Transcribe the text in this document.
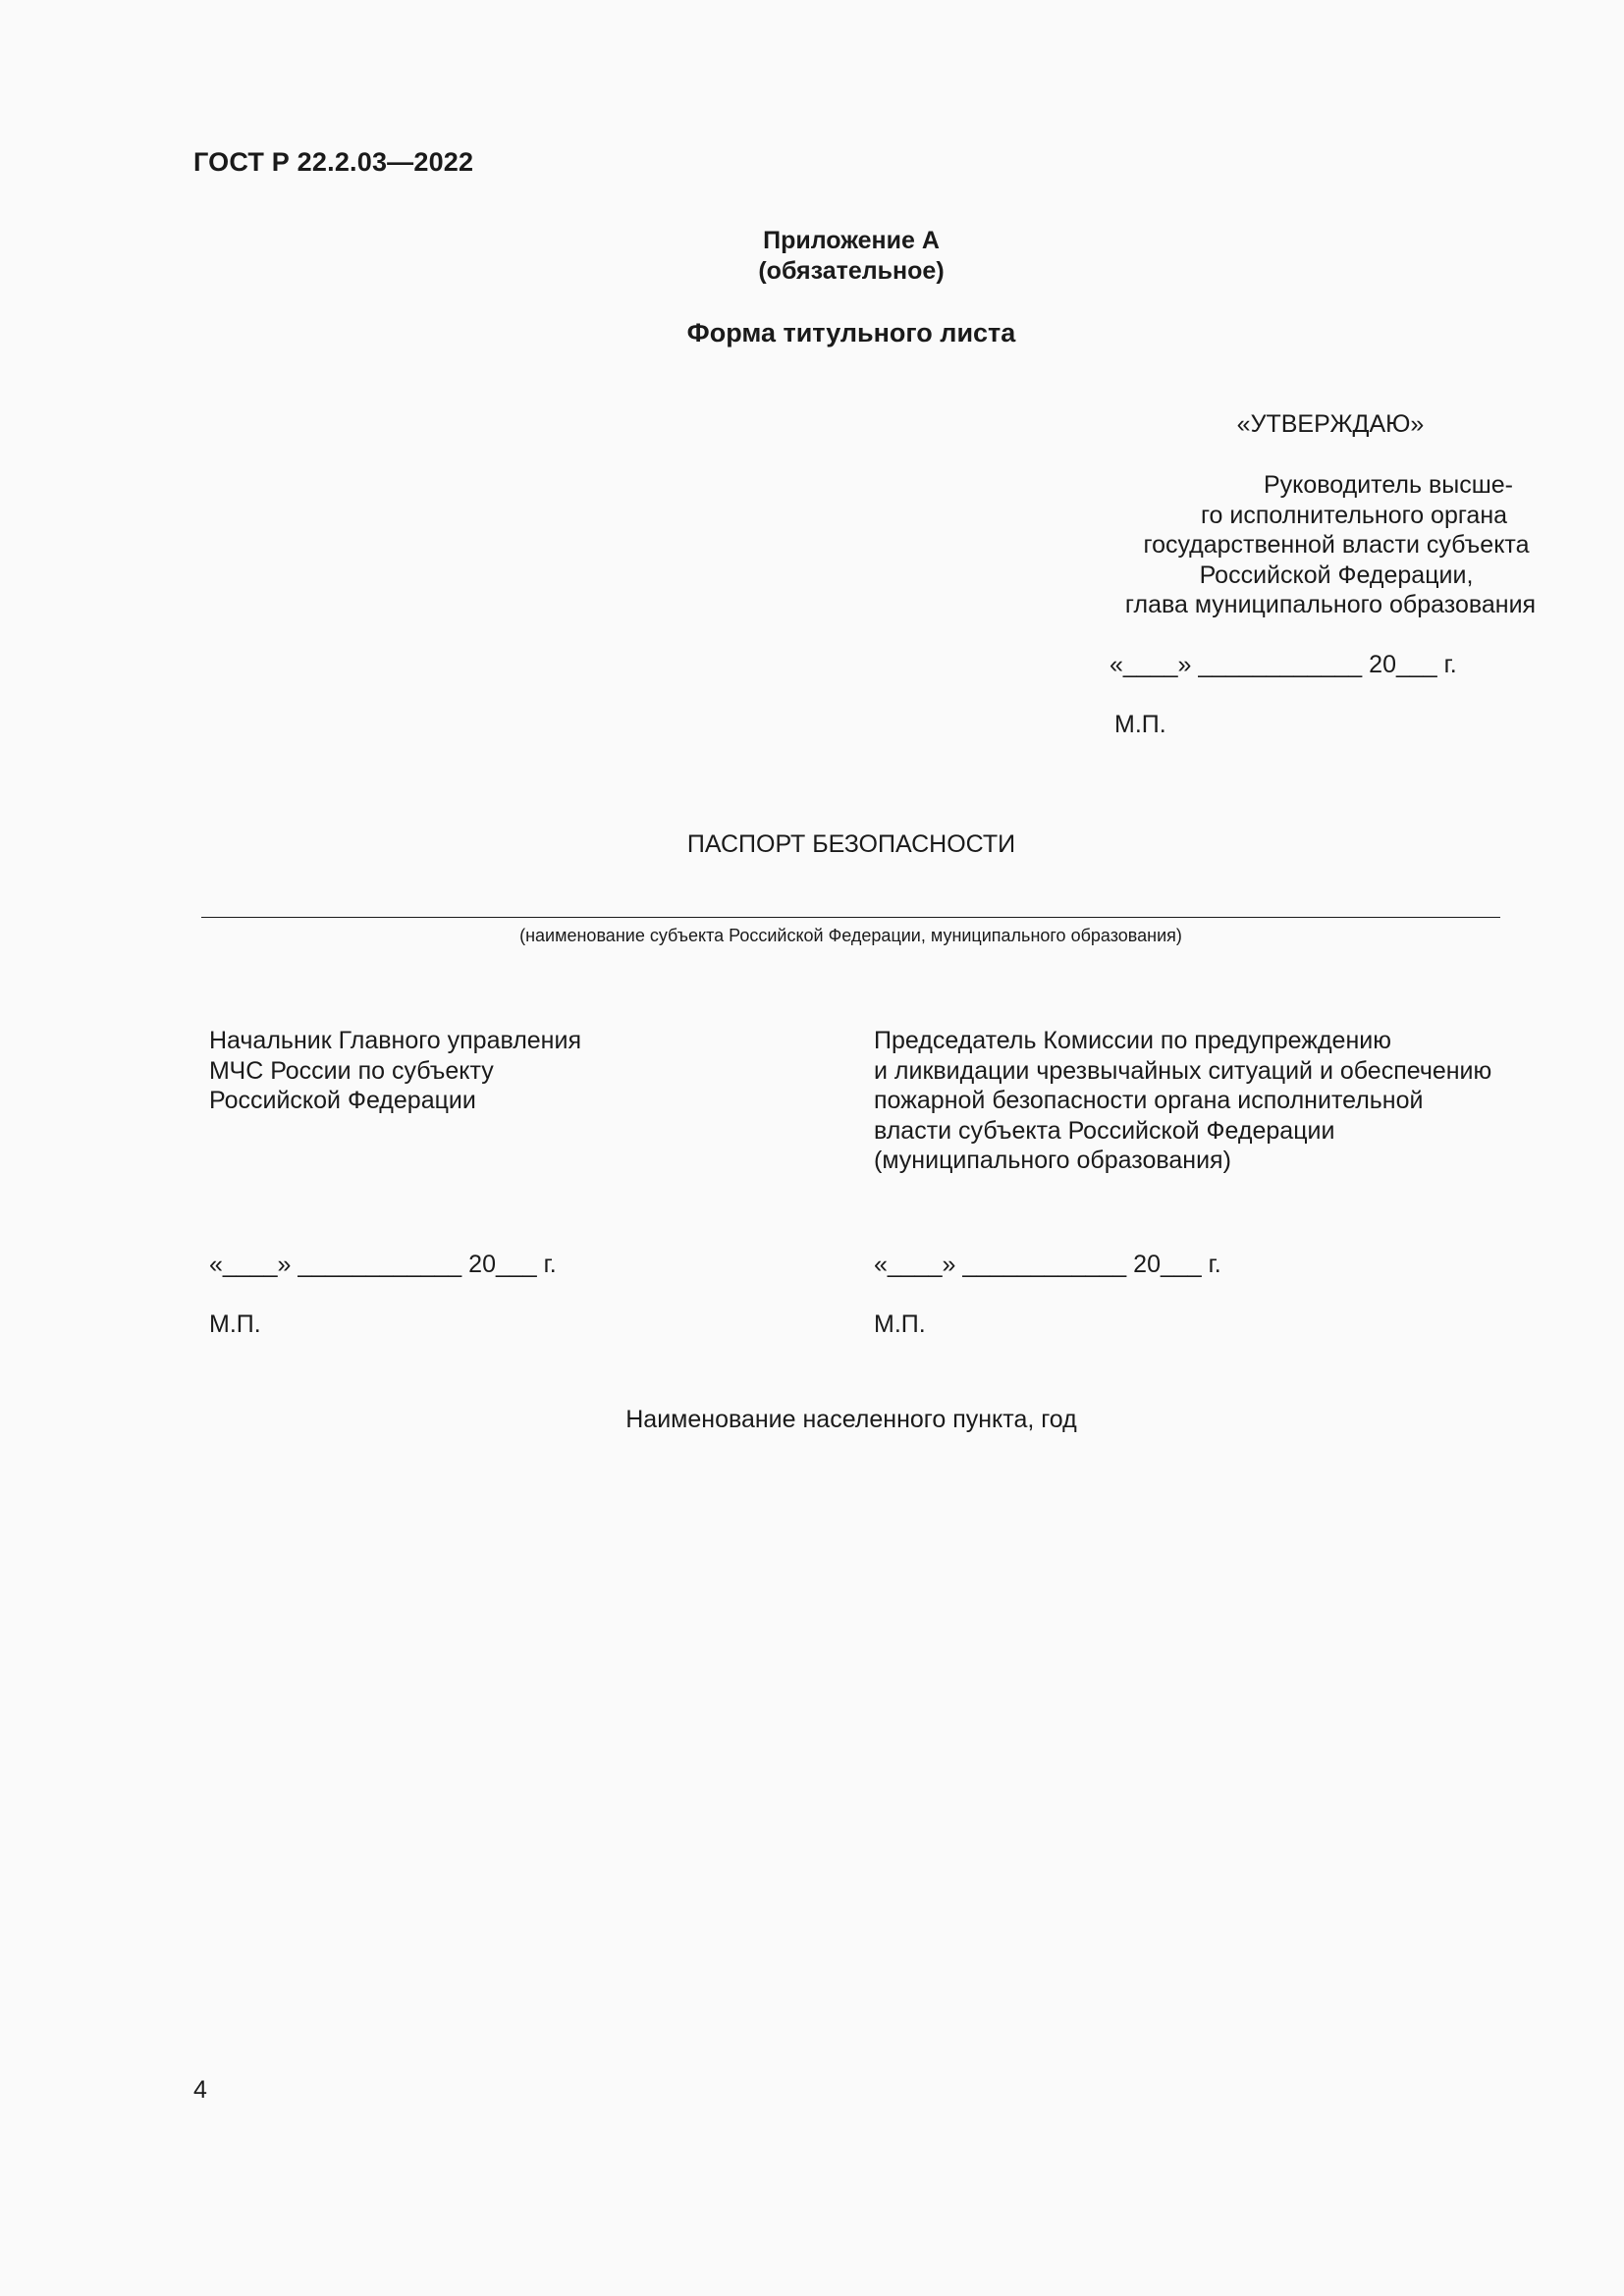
ГОСТ Р 22.2.03—2022
Приложение А
(обязательное)
Форма титульного листа
«УТВЕРЖДАЮ»
Руководитель высше-
го исполнительного органа
государственной власти субъекта
Российской Федерации,
глава муниципального образования
«____» ____________ 20___ г.
М.П.
ПАСПОРТ БЕЗОПАСНОСТИ
(наименование субъекта Российской Федерации, муниципального образования)
Начальник Главного управления
МЧС России по субъекту
Российской Федерации
Председатель Комиссии по предупреждению
и ликвидации чрезвычайных ситуаций и обеспечению
пожарной безопасности органа исполнительной
власти субъекта Российской Федерации
(муниципального образования)
«____» ____________ 20___ г.	«____» ____________ 20___ г.
М.П.	М.П.
Наименование населенного пункта, год
4
